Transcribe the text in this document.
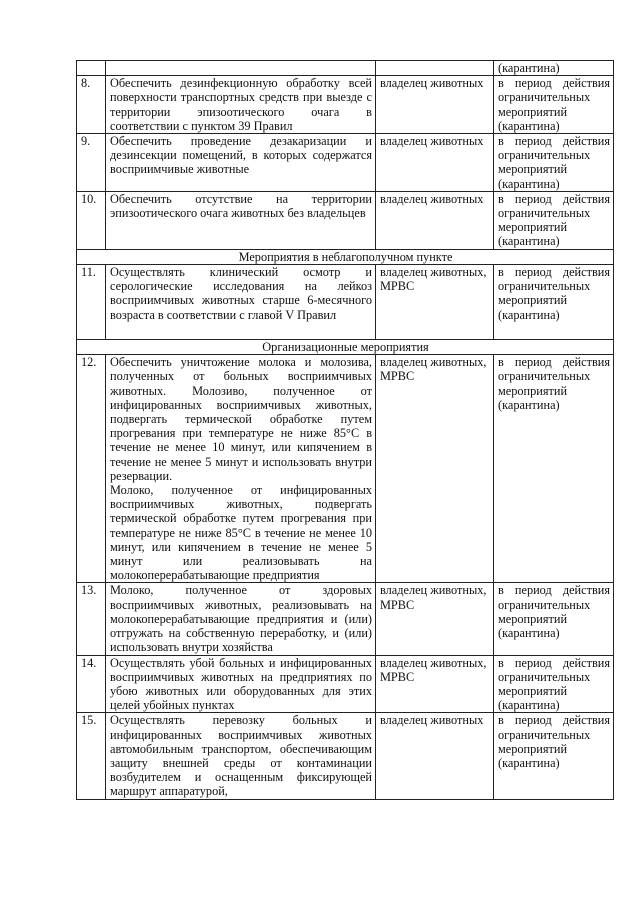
			(карантина)
8.	Обеспечить дезинфекционную обработку всей поверхности транспортных средств при выезде с территории эпизоотического очага в соответствии с пунктом 39 Правил	владелец животных	в период действия ограничительных мероприятий (карантина)
9.	Обеспечить проведение дезакаризации и дезинсекции помещений, в которых содержатся восприимчивые животные	владелец животных	в период действия ограничительных мероприятий (карантина)
10.	Обеспечить отсутствие на территории эпизоотического очага животных без владельцев	владелец животных	в период действия ограничительных мероприятий (карантина)
Мероприятия в неблагополучном пункте			
11.	Осуществлять клинический осмотр и серологические исследования на лейкоз восприимчивых животных старше 6-месячного возраста в соответствии с главой V Правил	владелец животных, МРВС	в период действия ограничительных мероприятий (карантина)
Организационные мероприятия			
12.	Обеспечить уничтожение молока и молозива, полученных от больных восприимчивых животных. Молозиво, полученное от инфицированных восприимчивых животных, подвергать термической обработке путем прогревания при температуре не ниже 85°C в течение не менее 10 минут, или кипячением в течение не менее 5 минут и использовать внутри резервации.
Молоко, полученное от инфицированных восприимчивых животных, подвергать термической обработке путем прогревания при температуре не ниже 85°C в течение не менее 10 минут, или кипячением в течение не менее 5 минут или реализовывать на молокоперерабатывающие предприятия	владелец животных, МРВС	в период действия ограничительных мероприятий (карантина)
13.	Молоко, полученное от здоровых восприимчивых животных, реализовывать на молокоперерабатывающие предприятия и (или) отгружать на собственную переработку, и (или) использовать внутри хозяйства	владелец животных, МРВС	в период действия ограничительных мероприятий (карантина)
14.	Осуществлять убой больных и инфицированных восприимчивых животных на предприятиях по убою животных или оборудованных для этих целей убойных пунктах	владелец животных, МРВС	в период действия ограничительных мероприятий (карантина)
15.	Осуществлять перевозку больных и инфицированных восприимчивых животных автомобильным транспортом, обеспечивающим защиту внешней среды от контаминации возбудителем и оснащенным фиксирующей маршрут аппаратурой,	владелец животных	в период действия ограничительных мероприятий (карантина)
